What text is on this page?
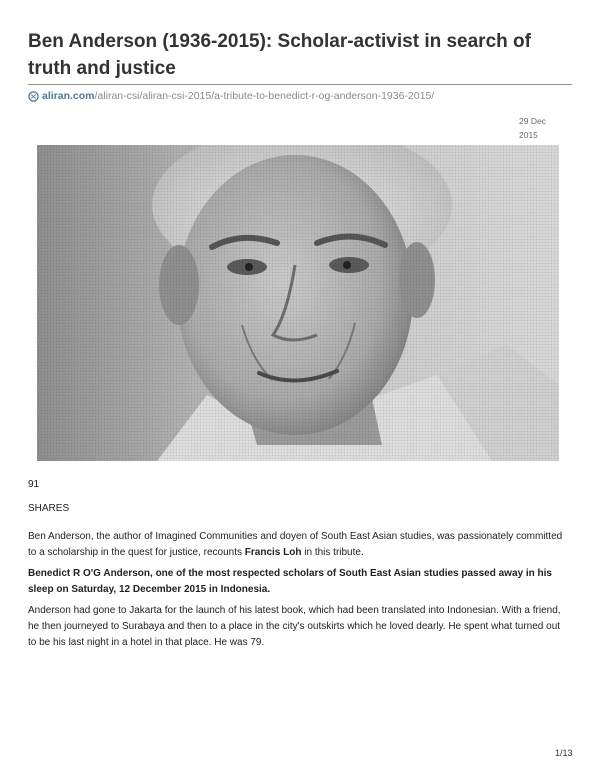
Ben Anderson (1936-2015): Scholar-activist in search of truth and justice
aliran.com /aliran-csi/aliran-csi-2015/a-tribute-to-benedict-r-og-anderson-1936-2015/
29 Dec
2015
91
SHARES

Ben Anderson, the author of Imagined Communities and doyen of South East Asian studies, was passionately committed to a scholarship in the quest for justice, recounts Francis Loh in this tribute.

Benedict R O'G Anderson, one of the most respected scholars of South East Asian studies passed away in his sleep on Saturday, 12 December 2015 in Indonesia.

Anderson had gone to Jakarta for the launch of his latest book, which had been translated into Indonesian. With a friend, he then journeyed to Surabaya and then to a place in the city's outskirts which he loved dearly. He spent what turned out to be his last night in a hotel in that place. He was 79.

1/13
